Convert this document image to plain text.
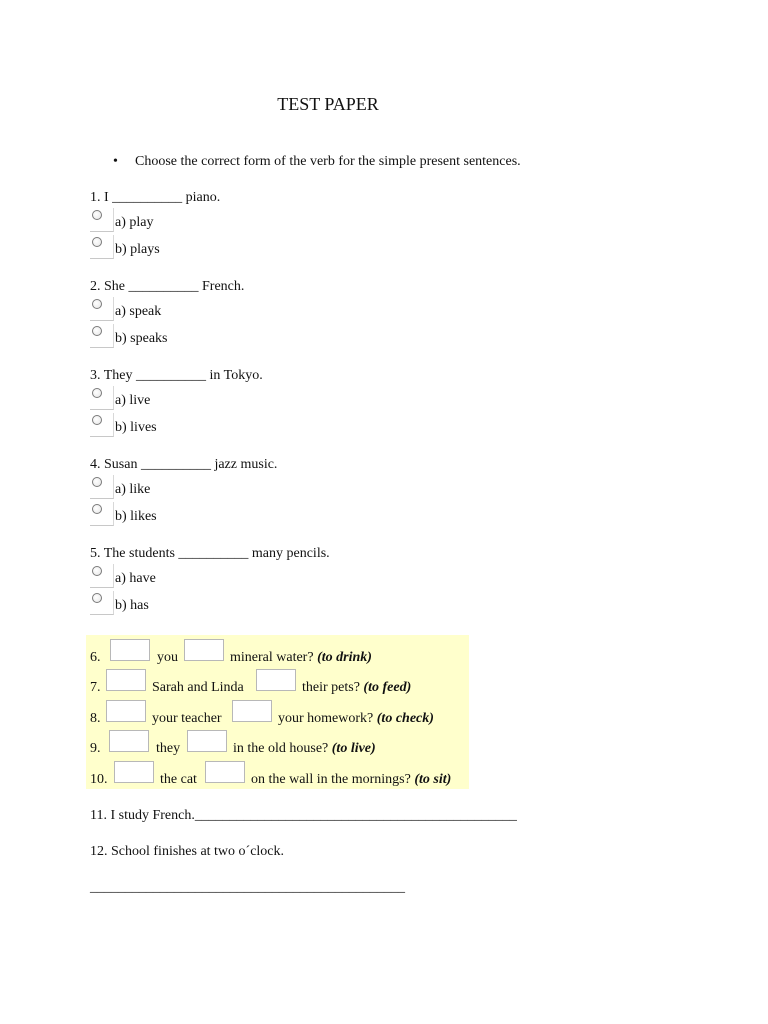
TEST PAPER
• Choose the correct form of the verb for the simple present sentences.
1. I __________ piano.
a) play
b) plays
2. She __________ French.
a) speak
b) speaks
3. They __________ in Tokyo.
a) live
b) lives
4. Susan __________ jazz music.
a) like
b) likes
5. The students __________ many pencils.
a) have
b) has
6.	you	mineral water? (to drink)
7.	Sarah and Linda	their pets? (to feed)
8.	your teacher	your homework? (to check)
9.	they	in the old house? (to live)
10.	the cat	on the wall in the mornings? (to sit)
11. I study French.______________________________________________
12. School finishes at two o´clock.
_____________________________________________
